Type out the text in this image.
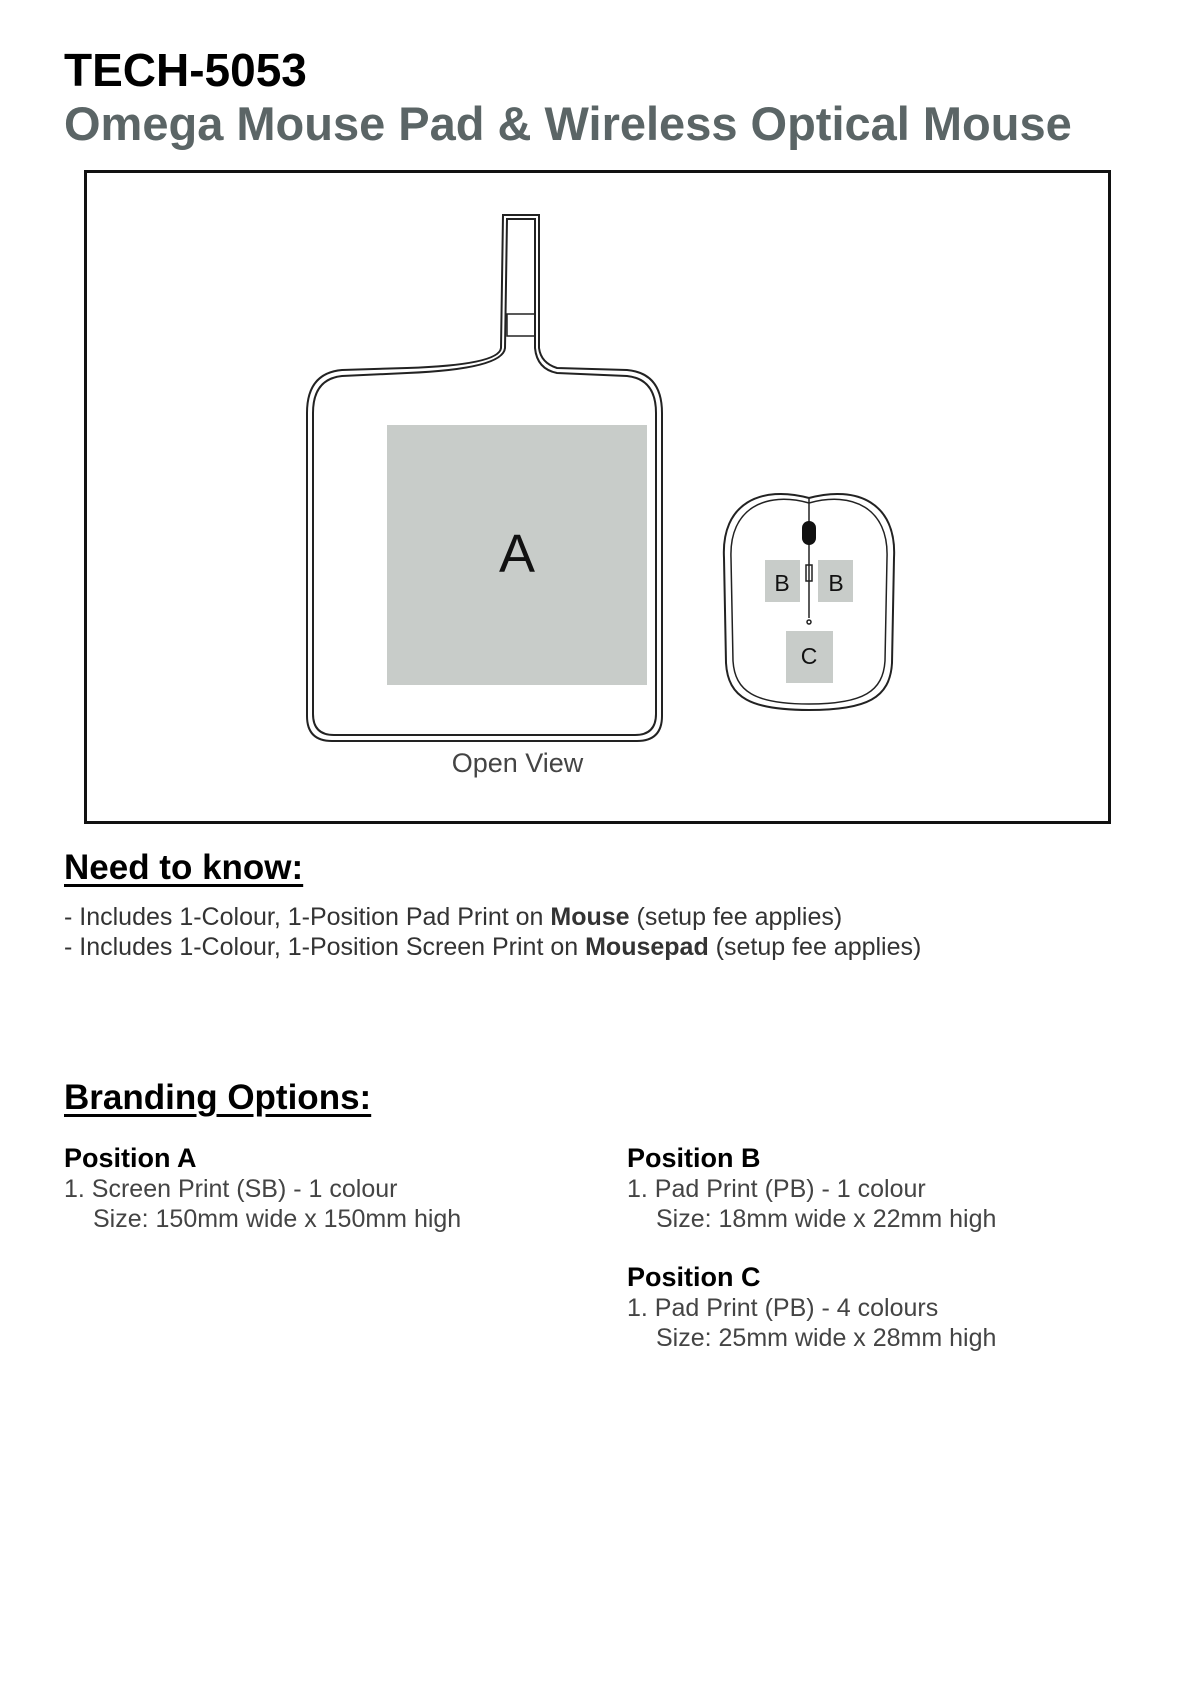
TECH-5053
Omega Mouse Pad & Wireless Optical Mouse
A	B B
C
Open View
Need to know:
- Includes 1-Colour, 1-Position Pad Print on Mouse (setup fee applies)
- Includes 1-Colour, 1-Position Screen Print on Mousepad (setup fee applies)
Branding Options:
Position A
1. Screen Print (SB) - 1 colour
Size: 150mm wide x 150mm high
Position B
1. Pad Print (PB) - 1 colour
Size: 18mm wide x 22mm high
Position C
1. Pad Print (PB) - 4 colours
Size: 25mm wide x 28mm high
